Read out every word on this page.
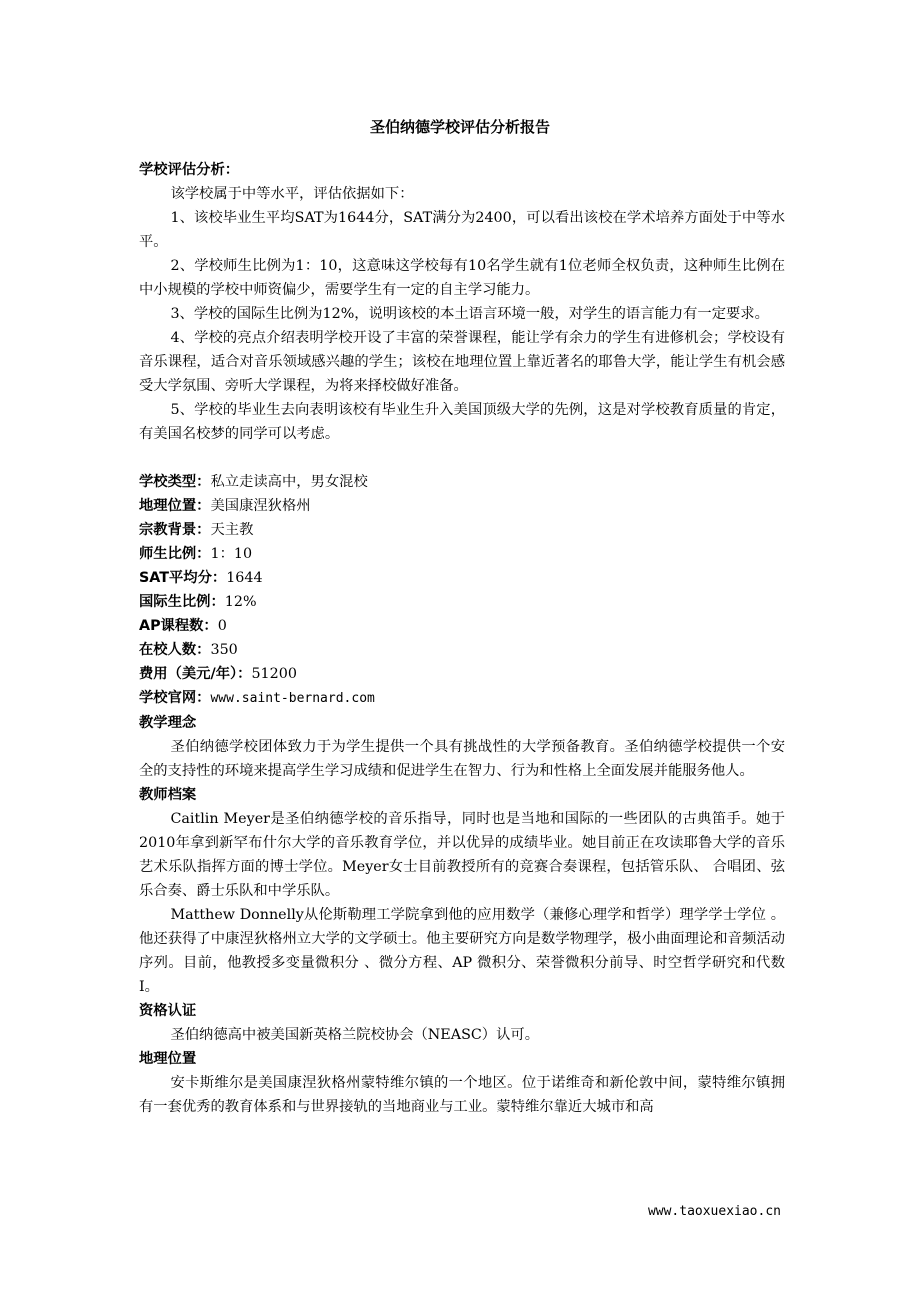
圣伯纳德学校评估分析报告

学校评估分析：

该学校属于中等水平，评估依据如下：

1、该校毕业生平均SAT为1644分，SAT满分为2400，可以看出该校在学术培养方面处于中等水平。

2、学校师生比例为1：10，这意味这学校每有10名学生就有1位老师全权负责，这种师生比例在中小规模的学校中师资偏少，需要学生有一定的自主学习能力。

3、学校的国际生比例为12%，说明该校的本土语言环境一般，对学生的语言能力有一定要求。

4、学校的亮点介绍表明学校开设了丰富的荣誉课程，能让学有余力的学生有进修机会；学校设有音乐课程，适合对音乐领域感兴趣的学生；该校在地理位置上靠近著名的耶鲁大学，能让学生有机会感受大学氛围、旁听大学课程，为将来择校做好准备。

5、学校的毕业生去向表明该校有毕业生升入美国顶级大学的先例，这是对学校教育质量的肯定，有美国名校梦的同学可以考虑。

学校类型：私立走读高中，男女混校

地理位置：美国康涅狄格州

宗教背景：天主教

师生比例：1：10

SAT平均分：1644

国际生比例：12%

AP课程数：0

在校人数：350

费用（美元/年）：51200

学校官网：www.saint-bernard.com

教学理念

圣伯纳德学校团体致力于为学生提供一个具有挑战性的大学预备教育。圣伯纳德学校提供一个安全的支持性的环境来提高学生学习成绩和促进学生在智力、行为和性格上全面发展并能服务他人。

教师档案

Caitlin Meyer是圣伯纳德学校的音乐指导，同时也是当地和国际的一些团队的古典笛手。她于2010年拿到新罕布什尔大学的音乐教育学位，并以优异的成绩毕业。她目前正在攻读耶鲁大学的音乐艺术乐队指挥方面的博士学位。Meyer女士目前教授所有的竞赛合奏课程，包括管乐队、 合唱团、弦乐合奏、爵士乐队和中学乐队。

Matthew Donnelly从伦斯勒理工学院拿到他的应用数学（兼修心理学和哲学）理学学士学位 。他还获得了中康涅狄格州立大学的文学硕士。他主要研究方向是数学物理学，极小曲面理论和音频活动序列。目前，他教授多变量微积分 、微分方程、AP 微积分、荣誉微积分前导、时空哲学研究和代数I。

资格认证

圣伯纳德高中被美国新英格兰院校协会（NEASC）认可。

地理位置

安卡斯维尔是美国康涅狄格州蒙特维尔镇的一个地区。位于诺维奇和新伦敦中间，蒙特维尔镇拥有一套优秀的教育体系和与世界接轨的当地商业与工业。蒙特维尔靠近大城市和高

www.taoxuexiao.cn
